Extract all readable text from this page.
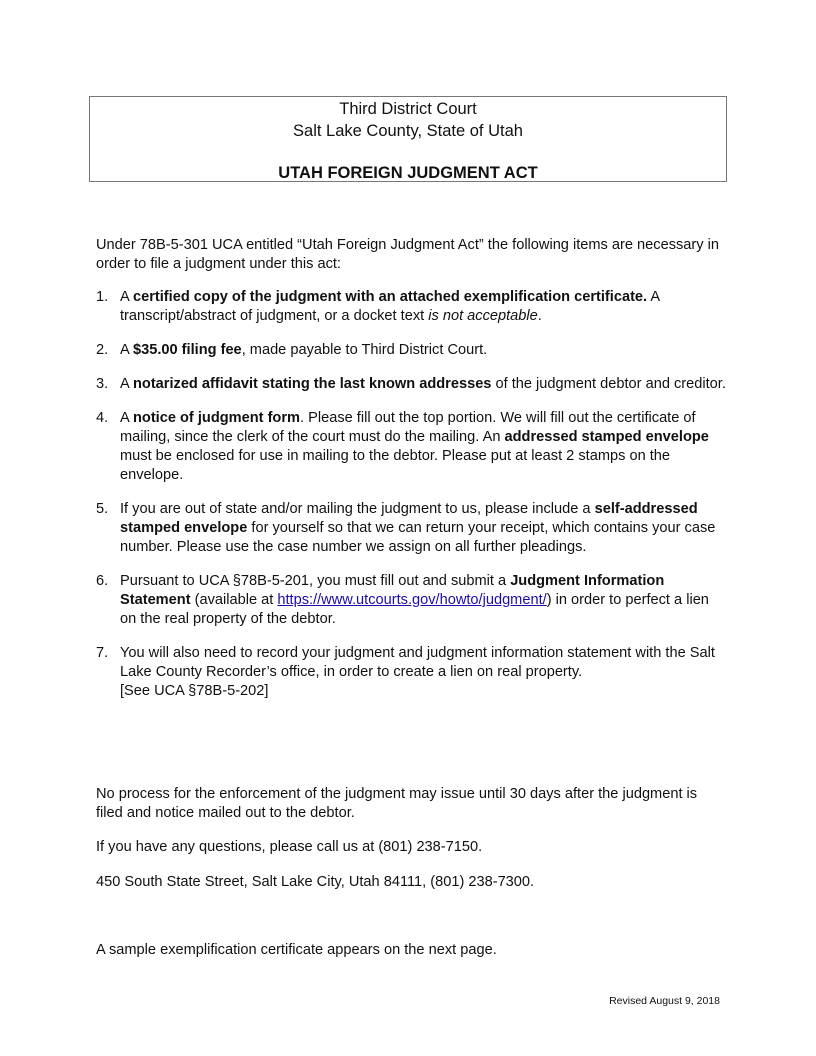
Third District Court
Salt Lake County, State of Utah
UTAH FOREIGN JUDGMENT ACT
Under 78B-5-301 UCA entitled “Utah Foreign Judgment Act” the following items are necessary in order to file a judgment under this act:
1. A certified copy of the judgment with an attached exemplification certificate. A transcript/abstract of judgment, or a docket text is not acceptable.
2. A $35.00 filing fee, made payable to Third District Court.
3. A notarized affidavit stating the last known addresses of the judgment debtor and creditor.
4. A notice of judgment form. Please fill out the top portion. We will fill out the certificate of mailing, since the clerk of the court must do the mailing. An addressed stamped envelope must be enclosed for use in mailing to the debtor. Please put at least 2 stamps on the envelope.
5. If you are out of state and/or mailing the judgment to us, please include a self-addressed stamped envelope for yourself so that we can return your receipt, which contains your case number. Please use the case number we assign on all further pleadings.
6. Pursuant to UCA §78B-5-201, you must fill out and submit a Judgment Information Statement (available at https://www.utcourts.gov/howto/judgment/) in order to perfect a lien on the real property of the debtor.
7. You will also need to record your judgment and judgment information statement with the Salt Lake County Recorder’s office, in order to create a lien on real property.
[See UCA §78B-5-202]
No process for the enforcement of the judgment may issue until 30 days after the judgment is filed and notice mailed out to the debtor.
If you have any questions, please call us at (801) 238-7150.
450 South State Street, Salt Lake City, Utah 84111, (801) 238-7300.
A sample exemplification certificate appears on the next page.
Revised August 9, 2018
